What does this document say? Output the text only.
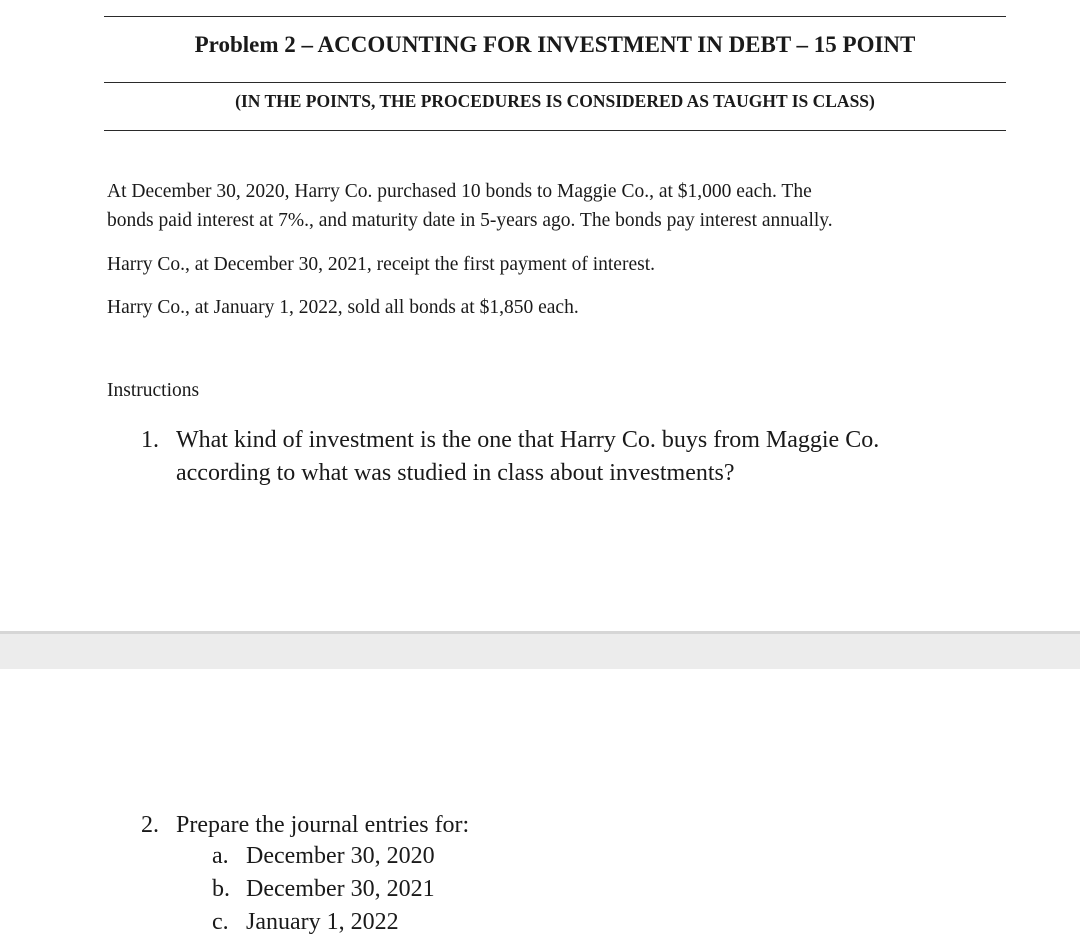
Problem 2 – ACCOUNTING FOR INVESTMENT IN DEBT – 15 POINT
(IN THE POINTS, THE PROCEDURES IS CONSIDERED AS TAUGHT IS CLASS)
At December 30, 2020, Harry Co. purchased 10 bonds to Maggie Co., at $1,000 each. The
bonds paid interest at 7%., and maturity date in 5-years ago. The bonds pay interest annually.
Harry Co., at December 30, 2021, receipt the first payment of interest.
Harry Co., at January 1, 2022, sold all bonds at $1,850 each.
Instructions
1. What kind of investment is the one that Harry Co. buys from Maggie Co.
according to what was studied in class about investments?
2. Prepare the journal entries for:
a. December 30, 2020
b. December 30, 2021
c. January 1, 2022
